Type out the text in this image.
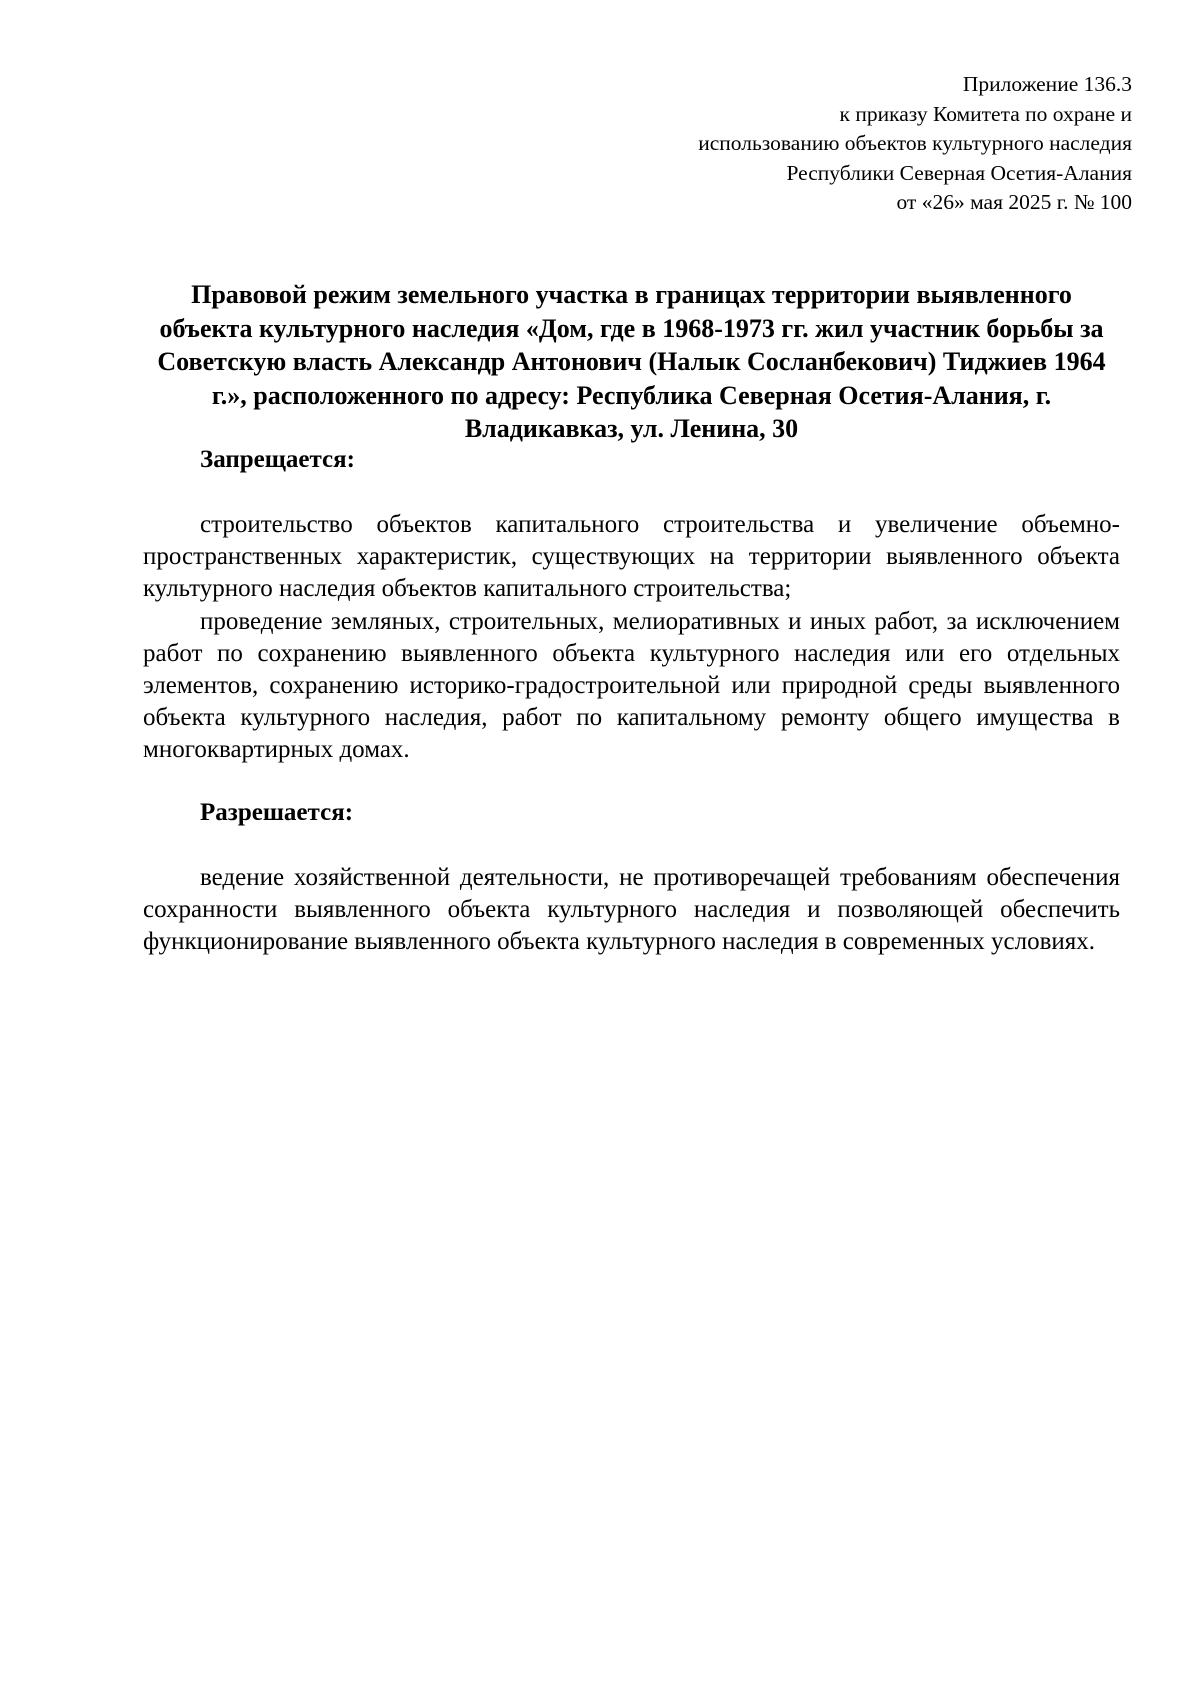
Приложение 136.3
к приказу Комитета по охране и
использованию объектов культурного наследия
Республики Северная Осетия-Алания
от «26» мая 2025 г. № 100
Правовой режим земельного участка в границах территории выявленного объекта культурного наследия «Дом, где в 1968-1973 гг. жил участник борьбы за Советскую власть Александр Антонович (Налык Сосланбекович) Тиджиев 1964 г.», расположенного по адресу: Республика Северная Осетия-Алания, г. Владикавказ, ул. Ленина, 30
Запрещается:
строительство объектов капитального строительства и увеличение объемно-пространственных характеристик, существующих на территории выявленного объекта культурного наследия объектов капитального строительства;
проведение земляных, строительных, мелиоративных и иных работ, за исключением работ по сохранению выявленного объекта культурного наследия или его отдельных элементов, сохранению историко-градостроительной или природной среды выявленного объекта культурного наследия, работ по капитальному ремонту общего имущества в многоквартирных домах.
Разрешается:
ведение хозяйственной деятельности, не противоречащей требованиям обеспечения сохранности выявленного объекта культурного наследия и позволяющей обеспечить функционирование выявленного объекта культурного наследия в современных условиях.
